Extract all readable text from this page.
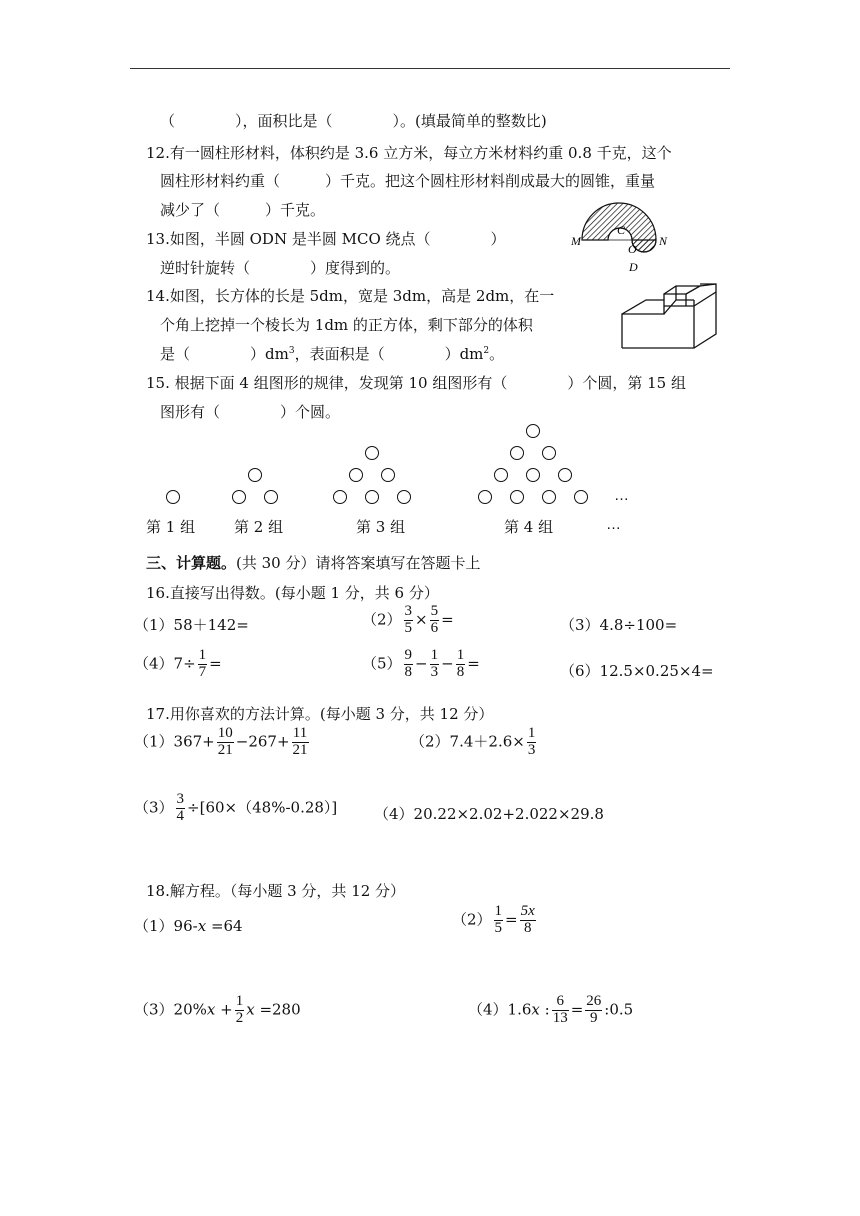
（　　　　），面积比是（　　　　）。(填最简单的整数比)
12.有一圆柱形材料，体积约是 3.6 立方米，每立方米材料约重 0.8 千克，这个
圆柱形材料约重（　　　）千克。把这个圆柱形材料削成最大的圆锥，重量
减少了（　　　）千克。
13.如图，半圆 ODN 是半圆 MCO 绕点（　　　　）
逆时针旋转（　　　　）度得到的。
M
C
O
N
D
14.如图，长方体的长是 5dm，宽是 3dm，高是 2dm，在一
个角上挖掉一个棱长为 1dm 的正方体，剩下部分的体积
是（　　　　）$dm^3$，表面积是（　　　　）$dm^2$。
15. 根据下面 4 组图形的规律，发现第 10 组图形有（　　　　）个圆，第 15 组
图形有（　　　　）个圆。
…
第 1 组	第 2 组	第 3 组	第 4 组	…
三、计算题。(共 30 分）请将答案填写在答题卡上
16.直接写出得数。(每小题 1 分，共 6 分）
（1）58＋142=	$(2) \frac{3}{5} \times \frac{5}{6}$ =	（3）4.8÷100=
$(4)7\div \frac{1}{7}$ =	$(5) \frac{9}{8} - \frac{1}{3} - \frac{1}{8}$ =	（6）12.5×0.25×4=
17.用你喜欢的方法计算。(每小题 3 分，共 12 分）
$(1)367+ \frac{10}{21} -267+ \frac{11}{21}$	$(2)7.4+2.6\times \frac{1}{3}$
$(3) \frac{3}{4} \div[60\times(48\%-0.28)]$ （4）20.22×2.02+2.022×29.8
18.解方程。（每小题 3 分，共 12 分）
（1）96-x =64	$(2) \frac{1}{5} = \frac{5x}{8}$
$(3)20\%x + \frac{1}{2}$ x =280	（4）1.6x : $\frac{6}{13} = \frac{26}{9}$ :0.5
